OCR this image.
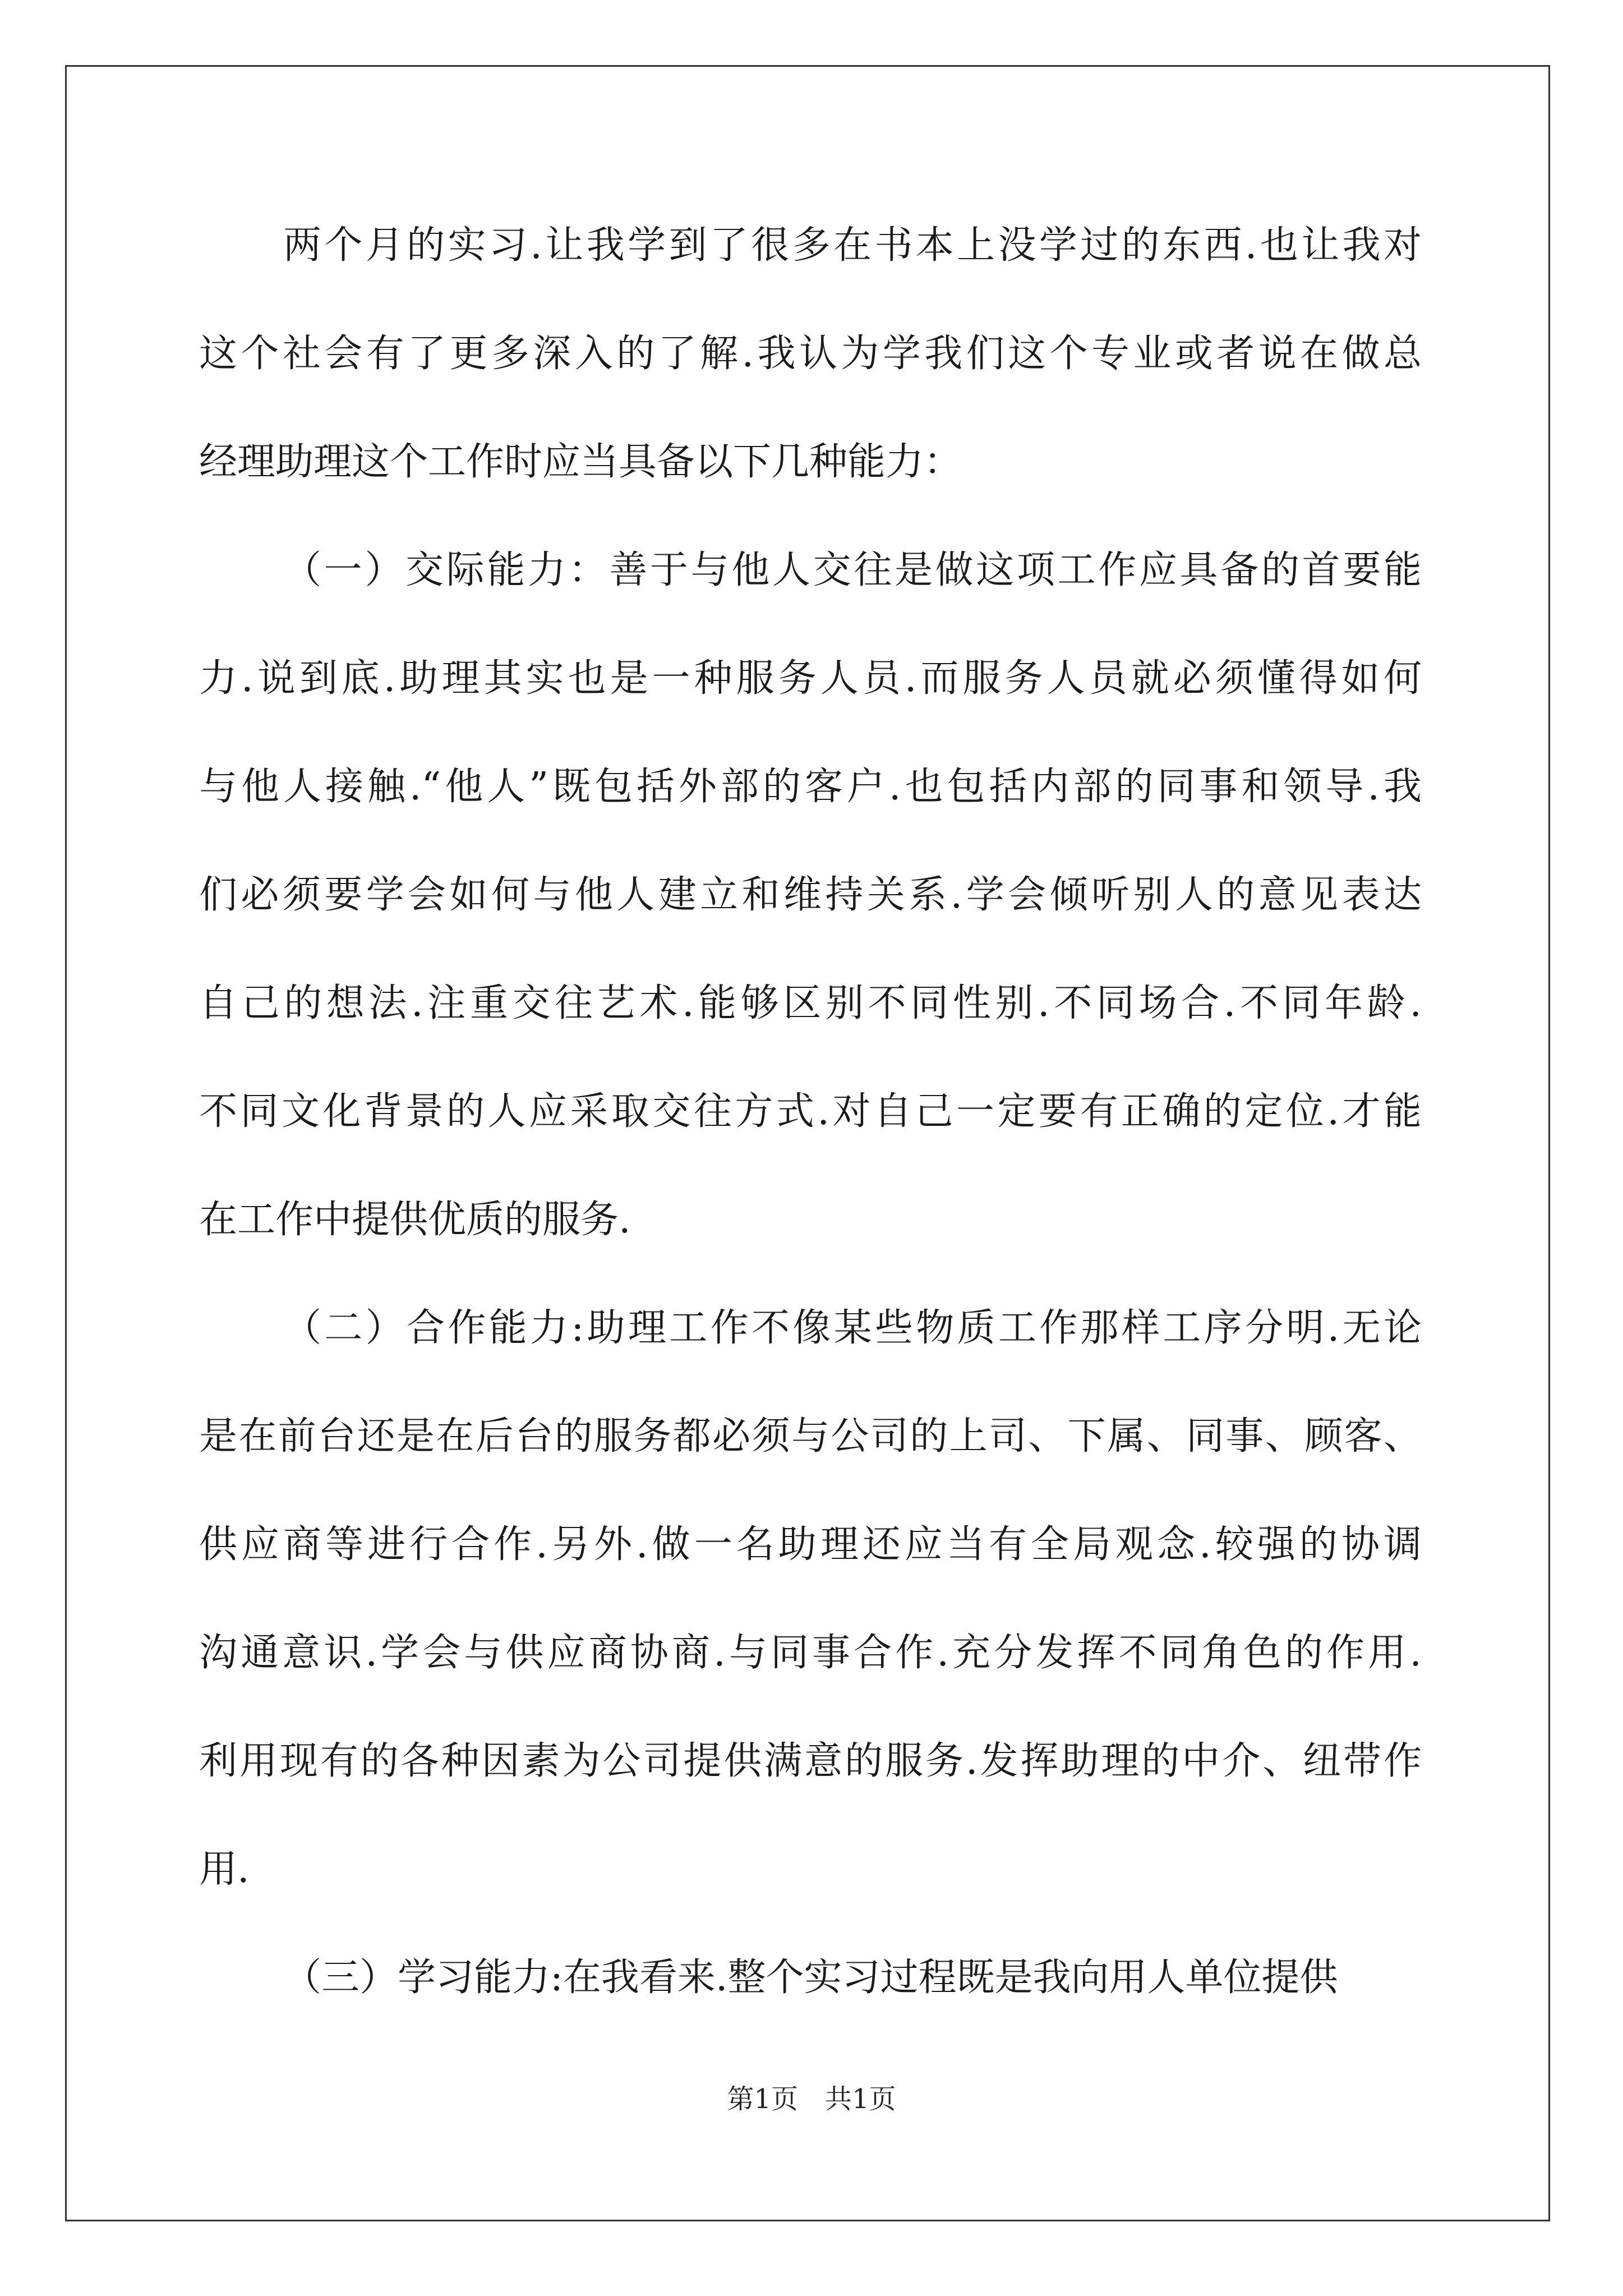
两个月的实习.让我学到了很多在书本上没学过的东西.也让我对
这个社会有了更多深入的了解.我认为学我们这个专业或者说在做总
经理助理这个工作时应当具备以下几种能力：
（一）交际能力：善于与他人交往是做这项工作应具备的首要能
力.说到底.助理其实也是一种服务人员.而服务人员就必须懂得如何
与他人接触.“他人”既包括外部的客户.也包括内部的同事和领导.我
们必须要学会如何与他人建立和维持关系.学会倾听别人的意见表达
自己的想法.注重交往艺术.能够区别不同性别.不同场合.不同年龄.
不同文化背景的人应采取交往方式.对自己一定要有正确的定位.才能
在工作中提供优质的服务.
（二）合作能力:助理工作不像某些物质工作那样工序分明.无论
是在前台还是在后台的服务都必须与公司的上司、下属、同事、顾客、
供应商等进行合作.另外.做一名助理还应当有全局观念.较强的协调
沟通意识.学会与供应商协商.与同事合作.充分发挥不同角色的作用.
利用现有的各种因素为公司提供满意的服务.发挥助理的中介、纽带作
用.
（三）学习能力:在我看来.整个实习过程既是我向用人单位提供
第1页 共1页
